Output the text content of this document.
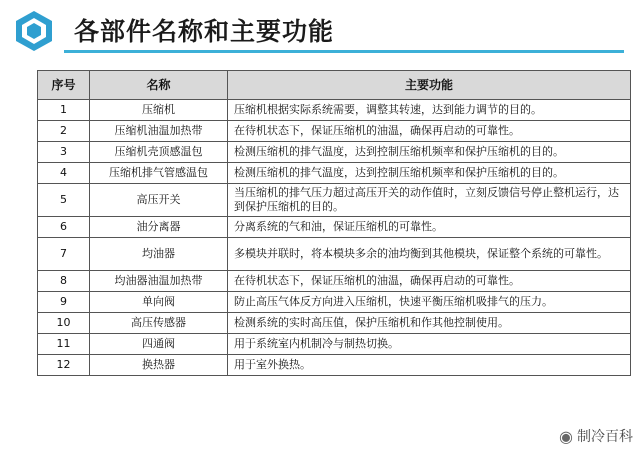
各部件名称和主要功能
序号	名称	主要功能
1	压缩机	压缩机根据实际系统需要，调整其转速，达到能力调节的目的。
2	压缩机油温加热带	在待机状态下，保证压缩机的油温，确保再启动的可靠性。
3	压缩机壳顶感温包	检测压缩机的排气温度，达到控制压缩机频率和保护压缩机的目的。
4	压缩机排气管感温包	检测压缩机的排气温度，达到控制压缩机频率和保护压缩机的目的。
5	高压开关	当压缩机的排气压力超过高压开关的动作值时，立刻反馈信号停止整机运行，达到保护压缩机的目的。
6	油分离器	分离系统的气和油，保证压缩机的可靠性。
7	均油器	多模块并联时，将本模块多余的油均衡到其他模块，保证整个系统的可靠性。
8	均油器油温加热带	在待机状态下，保证压缩机的油温，确保再启动的可靠性。
9	单向阀	防止高压气体反方向进入压缩机，快速平衡压缩机吸排气的压力。
10	高压传感器	检测系统的实时高压值，保护压缩机和作其他控制使用。
11	四通阀	用于系统室内机制冷与制热切换。
12	换热器	用于室外换热。
◉ 制冷百科
